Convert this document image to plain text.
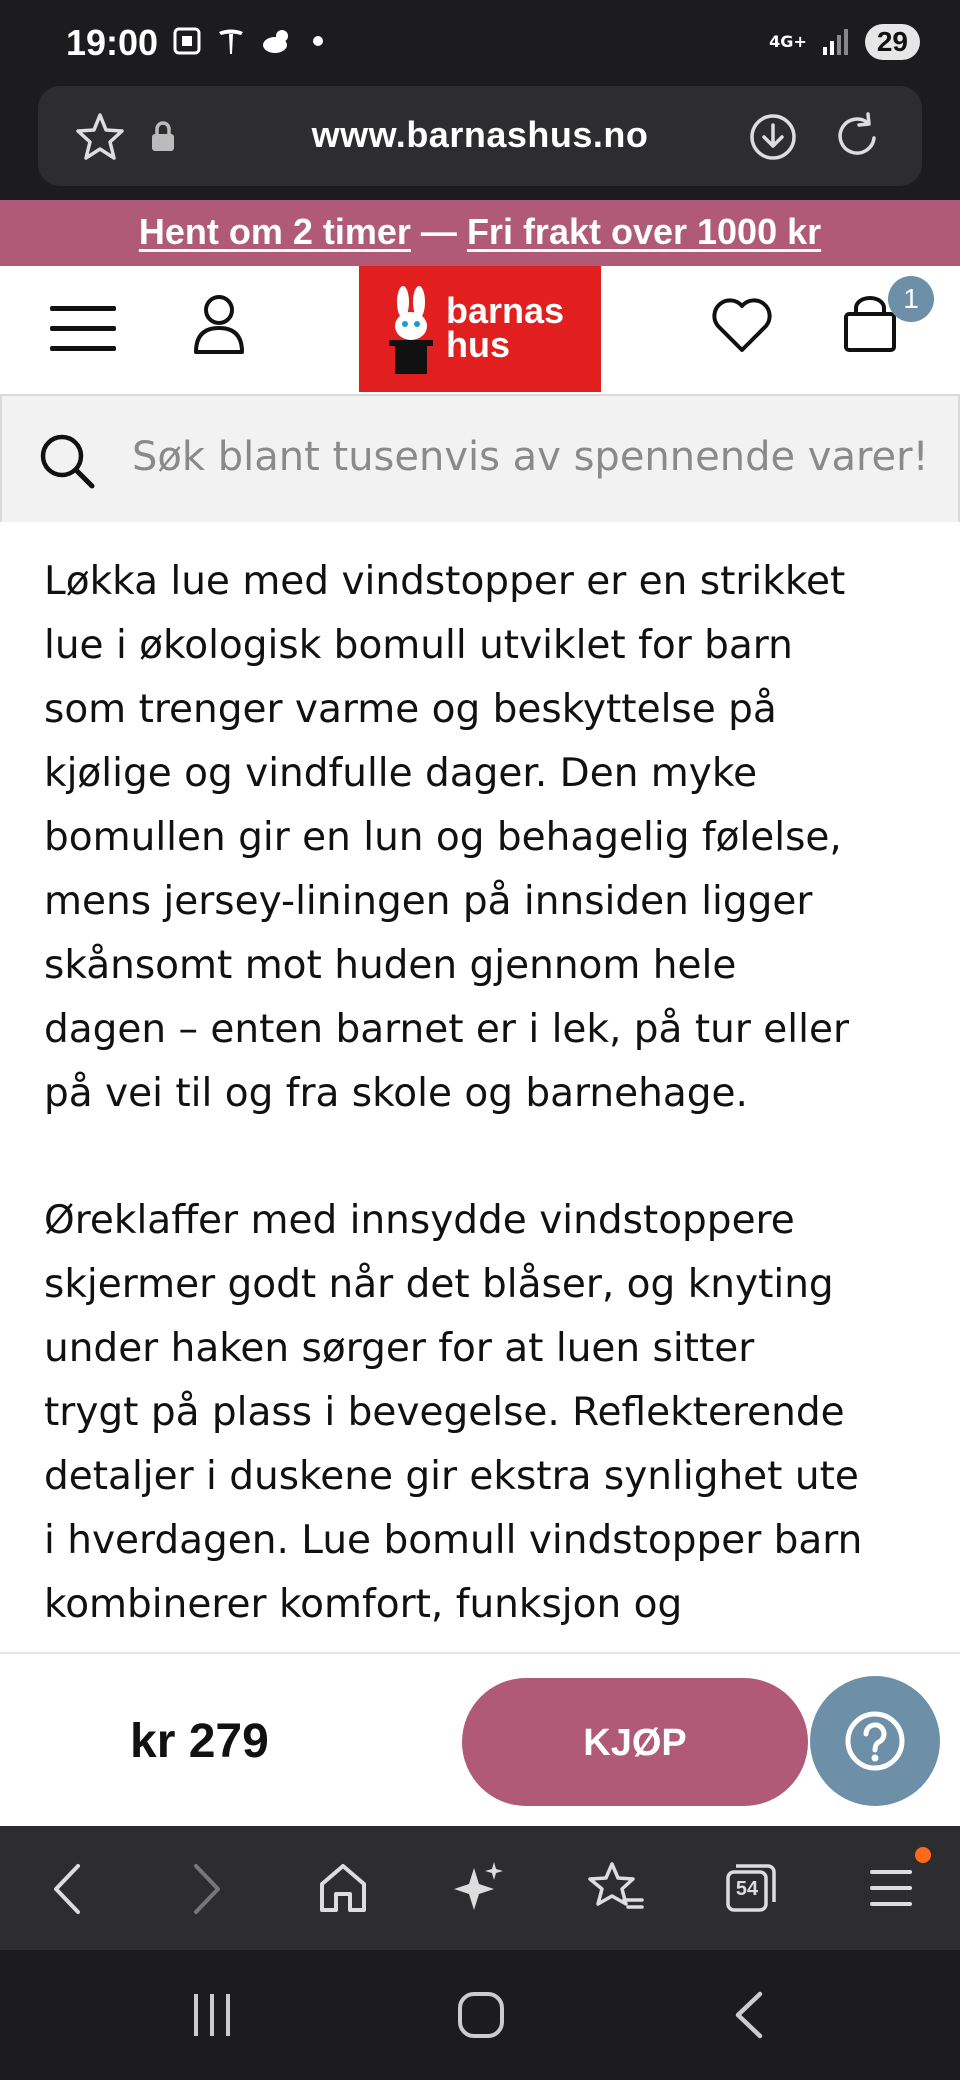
19:00	4G+	29
www.barnashus.no
Hent om 2 timer — Fri frakt over 1000 kr
barnas
hus
1
Søk blant tusenvis av spennende varer!
Løkka lue med vindstopper er en strikket
lue i økologisk bomull utviklet for barn
som trenger varme og beskyttelse på
kjølige og vindfulle dager. Den myke
bomullen gir en lun og behagelig følelse,
mens jersey-liningen på innsiden ligger
skånsomt mot huden gjennom hele
dagen – enten barnet er i lek, på tur eller
på vei til og fra skole og barnehage.
Øreklaffer med innsydde vindstoppere
skjermer godt når det blåser, og knyting
under haken sørger for at luen sitter
trygt på plass i bevegelse. Reflekterende
detaljer i duskene gir ekstra synlighet ute
i hverdagen. Lue bomull vindstopper barn
kombinerer komfort, funksjon og
kr 279	KJØP
54
